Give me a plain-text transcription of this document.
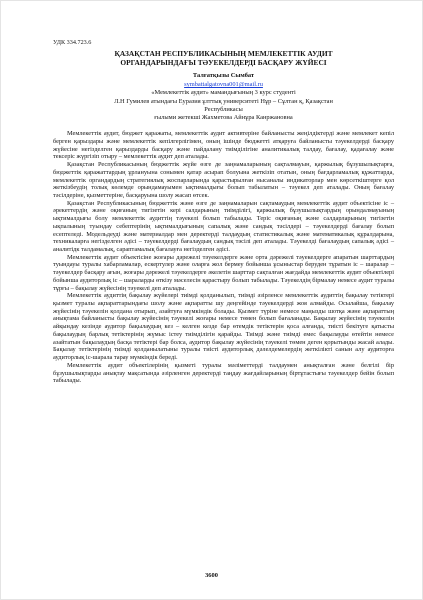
УДК 334.723.6
ҚАЗАҚСТАН РЕСПУБЛИКАСЫНЫҢ МЕМЛЕКЕТТІК АУДИТ
ОРГАНДАРЫНДАҒЫ ТӘУЕКЕЛДЕРДІ БАСҚАРУ ЖҮЙЕСІ
Талғатқызы Сымбат
symbattalgatovna001@mail.ru
«Мемлекеттік аудит» мамандығының 3 курс студенті
Л.Н Гумилев атындағы Еуразия ұлттық университеті Нұр – Сұлтан қ, Қазақстан
Республикасы
ғылыми жетекші Жахметова Айнұра Канржановна

Мемлекеттік аудит, бюджет қаражаты, мемлекеттік аудит активтеріне байланысты жеңілдіктерді және мемлекет кепіл берген қарыздары және мемлекеттік кепілгерлігімен, оның ішінде бюджетті атқаруға байланысты тәуекелдерді басқару жүйесіне негізделген қарыздарды басқару және пайдалану тиімділігіне аналитикалық талдау, бағалау, қадағалау және тексеріс жүргізіп отыру – мемлекеттік аудит деп аталады.

Қазақстан Республикасының бюджеттік жүйе өзге де заңнамаларының сақталмауын, қаржылық бұзушылықтарға, бюджеттік қаражаттардың ұрлануына сонымен қатар асырап болуына жеткізіп отатын, оның бағдарламалық құжаттарда, мемлекеттік органдардың стратегиялық жоспарларында қарастырылған нысаналы индикаторлар мен көрсеткіштерге қол жеткізбеудің толық көлемде орындамауымен ықтималдығы болып табылатын – тәуекел деп аталады. Оның бағалау тәсілдеріне, қызметтеріне, басқаруына шолу жасап өтсек.

Қазақстан Республикасының бюджеттік және өзге де заңнамаларын сақтамаудың мемлекеттік аудит объектісіне іс – әрекеттердің және оқиғаның тигізетін кері салдарының тиімділігі, қаржылық бұзушылықтардың орындалмауының ықтималдығы болу мемлекеттік аудиттің тәуекелі болып табылады. Теріс оқиғаның және салдарларының тигізетін ықпалының туындау себептерінің ықтималдығының сапалық және сандық тәсілдері – тәуекелдерді бағалау болып есептеледі. Модельдеуді және материалдар мен деректерді талдаудың статистикалық және математикалық құралдарына, техникаларға негізделген әдісі – тәуекелдерді бағалаудың сандық тәсілі деп аталады. Тәуекелді бағалаудың сапалық әдісі – аналитідк талдамалық, сараптамалық бағалауға негізделген әдісі.

Мемлекеттік аудит объектісіне жоғары дәрежелі тәуекелдерге және орта дәрежелі тәуекелдерге апаратын шарттардың туындауы туралы хабарламалар, ескертулер және оларға жол бермеу бойынша ұсыныстар беруден тұратын іс – шаралар – тәуекелдер басқару ағын, жоғары дәрежелі тәуекелдерге әкелетін шарттар сақталған жағдайда мемлекеттік аудит объектілері бойынша аудиторлық іс – шараларды өткізу мәселесін қарастыру болып табылады. Тәуекелдің бірмалау немесе аудит туралы тұрғы – бақылау жүйесінің тәуекелі деп аталады.

Мемлекеттік аудиттің бақылау жүйелері тиімді қолданылып, тиімді әзірленсе мемлекеттік аудиттің бақылау тетіктері қызмет туралы ақпараттарындағы шолу және ақпаратты шу деңгейінде тәуекелдерді жоя алмайды. Осылайша, бақылау жүйесінің тәуекелін қолдана отырып, азайтуға мүмкіндік болады. Қызмет түріне немесе маңызды шотқа және ақпараттың анықтама байланысты бақылау жүйесінің тәуекелі жоғары немесе төмен болып бағаланады. Бақылау жүйесінің тәуекелін айқындау кезінде аудитор бақылаудың кез – келген кезде бар өтемдік тетіктерін қоса алғанда, тиісті бекітуге қатысты бақылаудың барлық тетіктерінің жүмыс істеу тиімділігін қарайды. Тиімді және тиімді емес бақылауды өтейтін немесе азайтатын бақылаудың басқа тетіктері бар болса, аудитор бақылау жүйесінің тәуекелі төмен деген қорытынды жасай алады. Бақылау тетіктерінің тиімді қолданылатыны туралы тиісті аудиторлық дәлелдемелердің жеткілікті санын алу аудиторға аудиторлық іс-шарала тарау мүмкіндік береді.

Мемлекеттік аудит объектілерінің қызметі туралы мәліметтерді талдаумен анықталған және белгілі бір бұзушылықтарды анықтау мақсатында әзірленген деректерді таңдау жағдайларының біртұтастығы тәуекелдер бейін болып табылады.

3600
